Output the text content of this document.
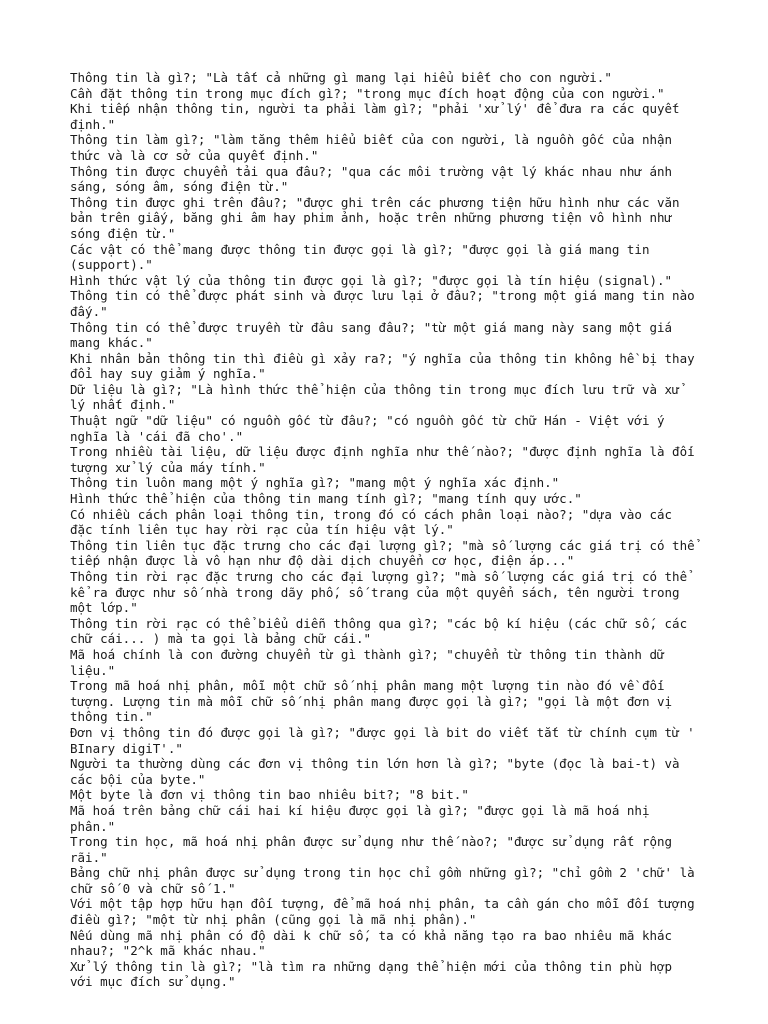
Thông tin là gì?; "Là tất cả những gì mang lại hiểu biết cho con người."
Cần đặt thông tin trong mục đích gì?; "trong mục đích hoạt động của con người."
Khi tiếp nhận thông tin, người ta phải làm gì?; "phải 'xử lý' để đưa ra các quyết
định."
Thông tin làm gì?; "làm tăng thêm hiểu biết của con người, là nguồn gốc của nhận
thức và là cơ sở của quyết định."
Thông tin được chuyển tải qua đâu?; "qua các môi trường vật lý khác nhau như ánh
sáng, sóng âm, sóng điện từ."
Thông tin được ghi trên đâu?; "được ghi trên các phương tiện hữu hình như các văn
bản trên giấy, băng ghi âm hay phim ảnh, hoặc trên những phương tiện vô hình như
sóng điện từ."
Các vật có thể mang được thông tin được gọi là gì?; "được gọi là giá mang tin
(support)."
Hình thức vật lý của thông tin được gọi là gì?; "được gọi là tín hiệu (signal)."
Thông tin có thể được phát sinh và được lưu lại ở đâu?; "trong một giá mang tin nào
đấy."
Thông tin có thể được truyền từ đâu sang đâu?; "từ một giá mang này sang một giá
mang khác."
Khi nhân bản thông tin thì điều gì xảy ra?; "ý nghĩa của thông tin không hề bị thay
đổi hay suy giảm ý nghĩa."
Dữ liệu là gì?; "Là hình thức thể hiện của thông tin trong mục đích lưu trữ và xử
lý nhất định."
Thuật ngữ "dữ liệu" có nguồn gốc từ đâu?; "có nguồn gốc từ chữ Hán - Việt với ý
nghĩa là 'cái đã cho'."
Trong nhiều tài liệu, dữ liệu được định nghĩa như thế nào?; "được định nghĩa là đối
tượng xử lý của máy tính."
Thông tin luôn mang một ý nghĩa gì?; "mang một ý nghĩa xác định."
Hình thức thể hiện của thông tin mang tính gì?; "mang tính quy ước."
Có nhiều cách phân loại thông tin, trong đó có cách phân loại nào?; "dựa vào các
đặc tính liên tục hay rời rạc của tín hiệu vật lý."
Thông tin liên tục đặc trưng cho các đại lượng gì?; "mà số lượng các giá trị có thể
tiếp nhận được là vô hạn như độ dài dịch chuyển cơ học, điện áp..."
Thông tin rời rạc đặc trưng cho các đại lượng gì?; "mà số lượng các giá trị có thể
kể ra được như số nhà trong dãy phố, số trang của một quyển sách, tên người trong
một lớp."
Thông tin rời rạc có thể biểu diễn thông qua gì?; "các bộ kí hiệu (các chữ số, các
chữ cái... ) mà ta gọi là bảng chữ cái."
Mã hoá chính là con đường chuyển từ gì thành gì?; "chuyển từ thông tin thành dữ
liệu."
Trong mã hoá nhị phân, mỗi một chữ số nhị phân mang một lượng tin nào đó về đối
tượng. Lượng tin mà mỗi chữ số nhị phân mang được gọi là gì?; "gọi là một đơn vị
thông tin."
Đơn vị thông tin đó được gọi là gì?; "được gọi là bit do viết tắt từ chính cụm từ '
BInary digiT'."
Người ta thường dùng các đơn vị thông tin lớn hơn là gì?; "byte (đọc là bai-t) và
các bội của byte."
Một byte là đơn vị thông tin bao nhiêu bit?; "8 bit."
Mã hoá trên bảng chữ cái hai kí hiệu được gọi là gì?; "được gọi là mã hoá nhị
phân."
Trong tin học, mã hoá nhị phân được sử dụng như thế nào?; "được sử dụng rất rộng
rãi."
Bảng chữ nhị phân được sử dụng trong tin học chỉ gồm những gì?; "chỉ gồm 2 'chữ' là
chữ số 0 và chữ số 1."
Với một tập hợp hữu hạn đối tượng, để mã hoá nhị phân, ta cần gán cho mỗi đối tượng
điều gì?; "một từ nhị phân (cũng gọi là mã nhị phân)."
Nếu dùng mã nhị phân có độ dài k chữ số, ta có khả năng tạo ra bao nhiêu mã khác
nhau?; "2^k mã khác nhau."
Xử lý thông tin là gì?; "là tìm ra những dạng thể hiện mới của thông tin phù hợp
với mục đích sử dụng."
